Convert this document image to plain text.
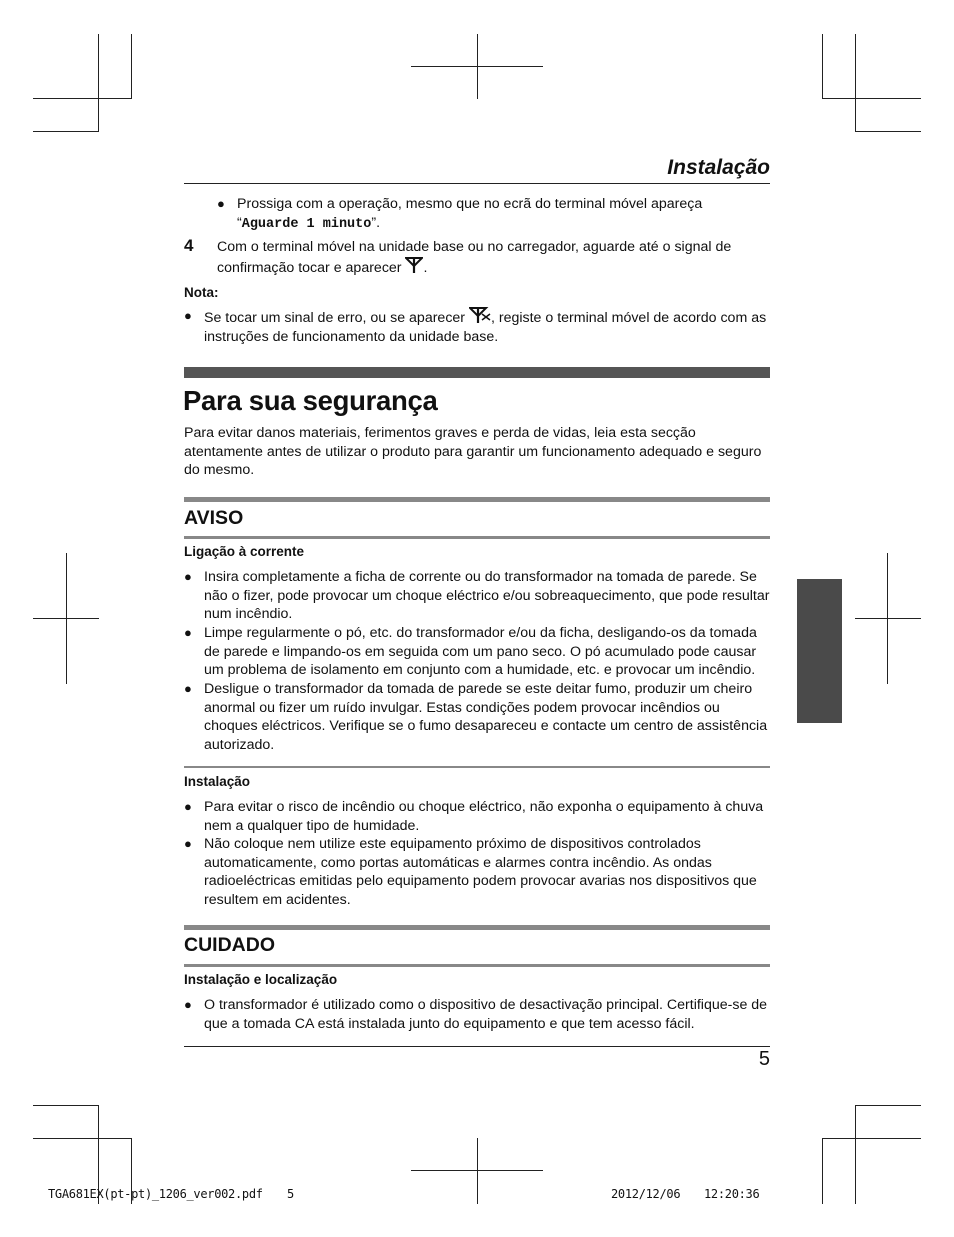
Instalação
● Prossiga com a operação, mesmo que no ecrã do terminal móvel apareça
“Aguarde 1 minuto”.
4 Com o terminal móvel na unidade base ou no carregador, aguarde até o signal de confirmação tocar e aparecer .
Nota:
● Se tocar um sinal de erro, ou se aparecer , registe o terminal móvel de acordo com as instruções de funcionamento da unidade base.
Para sua segurança

Para evitar danos materiais, ferimentos graves e perda de vidas, leia esta secção atentamente antes de utilizar o produto para garantir um funcionamento adequado e seguro do mesmo.

AVISO
Ligação à corrente
● Insira completamente a ficha de corrente ou do transformador na tomada de parede. Se não o fizer, pode provocar um choque eléctrico e/ou sobreaquecimento, que pode resultar num incêndio.
● Limpe regularmente o pó, etc. do transformador e/ou da ficha, desligando-os da tomada de parede e limpando-os em seguida com um pano seco. O pó acumulado pode causar um problema de isolamento em conjunto com a humidade, etc. e provocar um incêndio.
● Desligue o transformador da tomada de parede se este deitar fumo, produzir um cheiro anormal ou fizer um ruído invulgar. Estas condições podem provocar incêndios ou choques eléctricos. Verifique se o fumo desapareceu e contacte um centro de assistência autorizado.
Instalação
● Para evitar o risco de incêndio ou choque eléctrico, não exponha o equipamento à chuva nem a qualquer tipo de humidade.
● Não coloque nem utilize este equipamento próximo de dispositivos controlados automaticamente, como portas automáticas e alarmes contra incêndio. As ondas radioeléctricas emitidas pelo equipamento podem provocar avarias nos dispositivos que resultem em acidentes.
CUIDADO
Instalação e localização
● O transformador é utilizado como o dispositivo de desactivação principal. Certifique-se de que a tomada CA está instalada junto do equipamento e que tem acesso fácil.
5
TGA681EX(pt-pt)_1206_ver002.pdf 5	2012/12/06 12:20:36
